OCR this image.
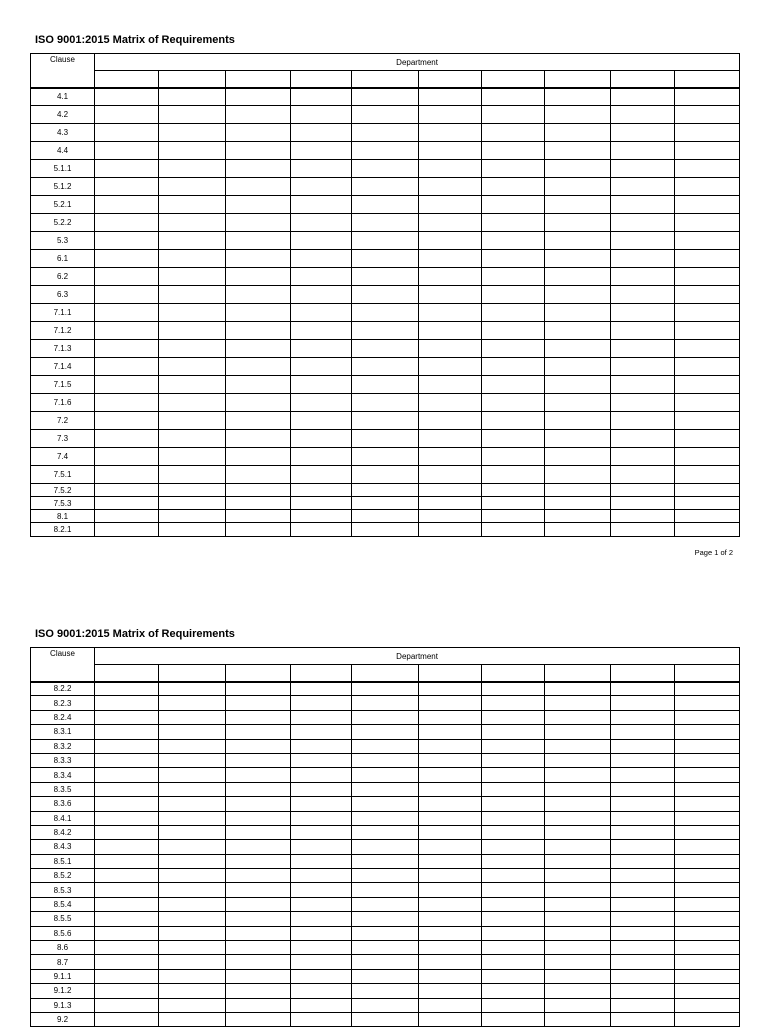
ISO 9001:2015 Matrix of Requirements
Clause	Department									

4.1										
4.2										
4.3										
4.4										
5.1.1										
5.1.2										
5.2.1										
5.2.2										
5.3										
6.1										
6.2										
6.3										
7.1.1										
7.1.2										
7.1.3										
7.1.4										
7.1.5										
7.1.6										
7.2										
7.3										
7.4										
7.5.1										
7.5.2										
7.5.3										
8.1										
8.2.1										
Page 1 of 2
ISO 9001:2015 Matrix of Requirements
Clause	Department									

8.2.2										
8.2.3										
8.2.4										
8.3.1										
8.3.2										
8.3.3										
8.3.4										
8.3.5										
8.3.6										
8.4.1										
8.4.2										
8.4.3										
8.5.1										
8.5.2										
8.5.3										
8.5.4										
8.5.5										
8.5.6										
8.6										
8.7										
9.1.1										
9.1.2										
9.1.3										
9.2										
